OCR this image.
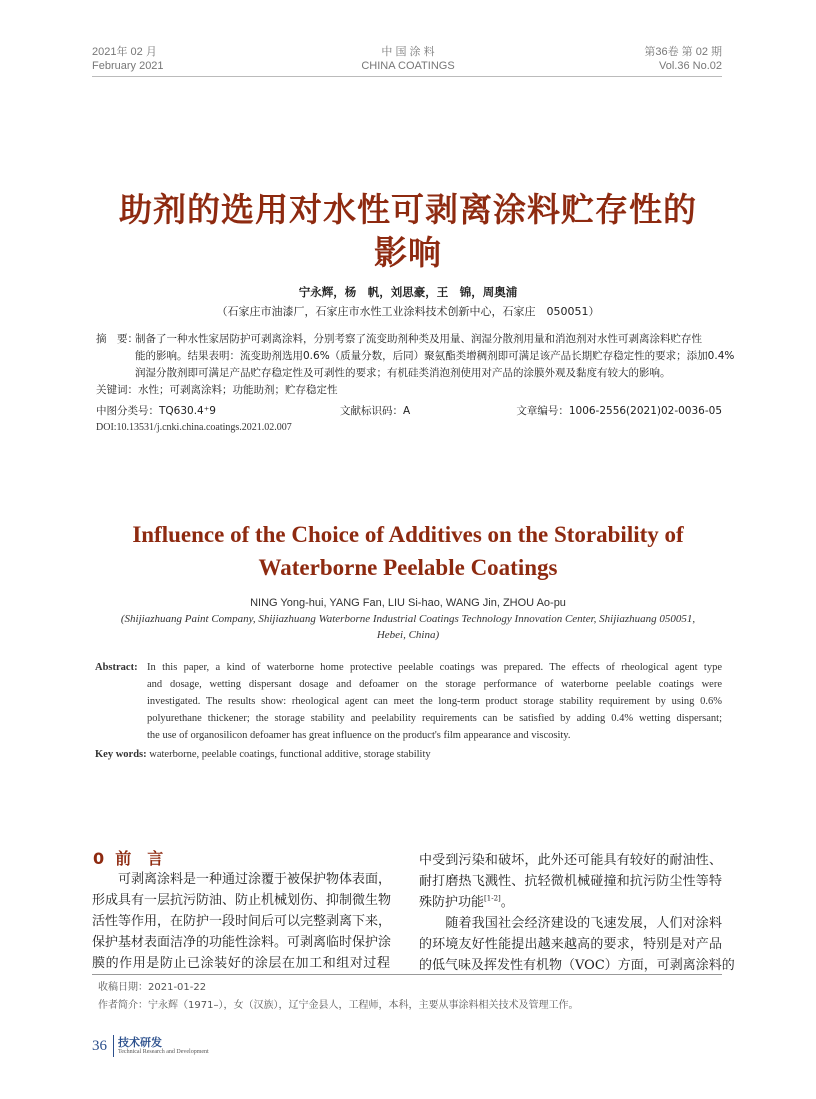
2021年 02 月
February 2021
中 国 涂 料
CHINA COATINGS
第36卷 第 02 期
Vol.36 No.02
助剂的选用对水性可剥离涂料贮存性的
影响
宁永辉，杨　帆，刘思豪，王　锦，周奥浦
（石家庄市油漆厂，石家庄市水性工业涂料技术创新中心，石家庄　050051）
摘　要：
制备了一种水性家居防护可剥离涂料，分别考察了流变助剂种类及用量、润湿分散剂用量和消泡剂对水性可剥离涂料贮存性
能的影响。结果表明：流变助剂选用0.6%（质量分数，后同）聚氨酯类增稠剂即可满足该产品长期贮存稳定性的要求；添加0.4%
润湿分散剂即可满足产品贮存稳定性及可剥性的要求；有机硅类消泡剂使用对产品的涂膜外观及黏度有较大的影响。
关键词：水性；可剥离涂料；功能助剂；贮存稳定性
中图分类号：TQ630.4⁺9	文献标识码：A	文章编号：1006-2556(2021)02-0036-05
DOI:10.13531/j.cnki.china.coatings.2021.02.007
Influence of the Choice of Additives on the Storability of
Waterborne Peelable Coatings
NING Yong-hui, YANG Fan, LIU Si-hao, WANG Jin, ZHOU Ao-pu
(Shijiazhuang Paint Company, Shijiazhuang Waterborne Industrial Coatings Technology Innovation Center, Shijiazhuang 050051,
Hebei, China)
Abstract: In this paper, a kind of waterborne home protective peelable coatings was prepared. The effects of rheological agent type
and dosage, wetting dispersant dosage and defoamer on the storage performance of waterborne peelable coatings were
investigated. The results show: rheological agent can meet the long-term product storage stability requirement by using 0.6%
polyurethane thickener; the storage stability and peelability requirements can be satisfied by adding 0.4% wetting dispersant;
the use of organosilicon defoamer has great influence on the product's film appearance and viscosity.
Key words: waterborne, peelable coatings, functional additive, storage stability
0 前　言
　　可剥离涂料是一种通过涂覆于被保护物体表面，
形成具有一层抗污防油、防止机械划伤、抑制微生物
活性等作用，在防护一段时间后可以完整剥离下来，
保护基材表面洁净的功能性涂料。可剥离临时保护涂
膜的作用是防止已涂装好的涂层在加工和组对过程
中受到污染和破坏，此外还可能具有较好的耐油性、
耐打磨热飞溅性、抗轻微机械碰撞和抗污防尘性等特
殊防护功能[1-2]。
　　随着我国社会经济建设的飞速发展，人们对涂料
的环境友好性能提出越来越高的要求，特别是对产品
的低气味及挥发性有机物（VOC）方面，可剥离涂料的
收稿日期：2021-01-22
作者简介：宁永辉（1971–），女（汉族），辽宁金县人，工程师，本科，主要从事涂料相关技术及管理工作。
36 技术研发
Technical Research and Development
